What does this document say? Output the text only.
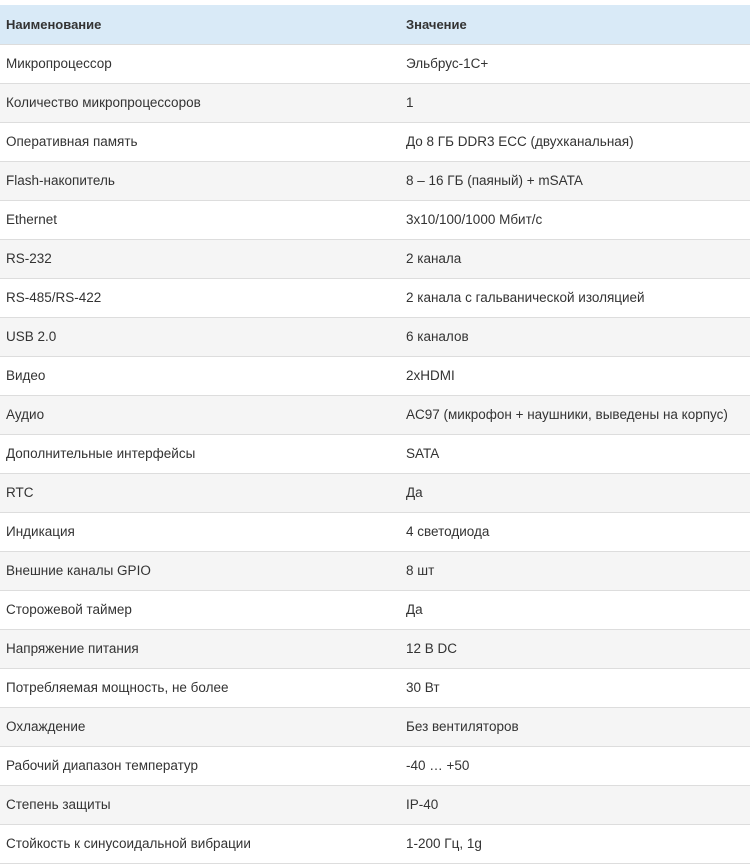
Наименование	Значение
Микропроцессор	Эльбрус-1С+
Количество микропроцессоров	1
Оперативная память	До 8 ГБ DDR3 ECC (двухканальная)
Flash-накопитель	8 – 16 ГБ (паяный) + mSATA
Ethernet	3x10/100/1000 Мбит/с
RS-232	2 канала
RS-485/RS-422	2 канала с гальванической изоляцией
USB 2.0	6 каналов
Видео	2xHDMI
Аудио	AC97 (микрофон + наушники, выведены на корпус)
Дополнительные интерфейсы	SATA
RTC	Да
Индикация	4 светодиода
Внешние каналы GPIO	8 шт
Сторожевой таймер	Да
Напряжение питания	12 В DC
Потребляемая мощность, не более	30 Вт
Охлаждение	Без вентиляторов
Рабочий диапазон температур	-40 … +50
Степень защиты	IP-40
Стойкость к синусоидальной вибрации	1-200 Гц, 1g
